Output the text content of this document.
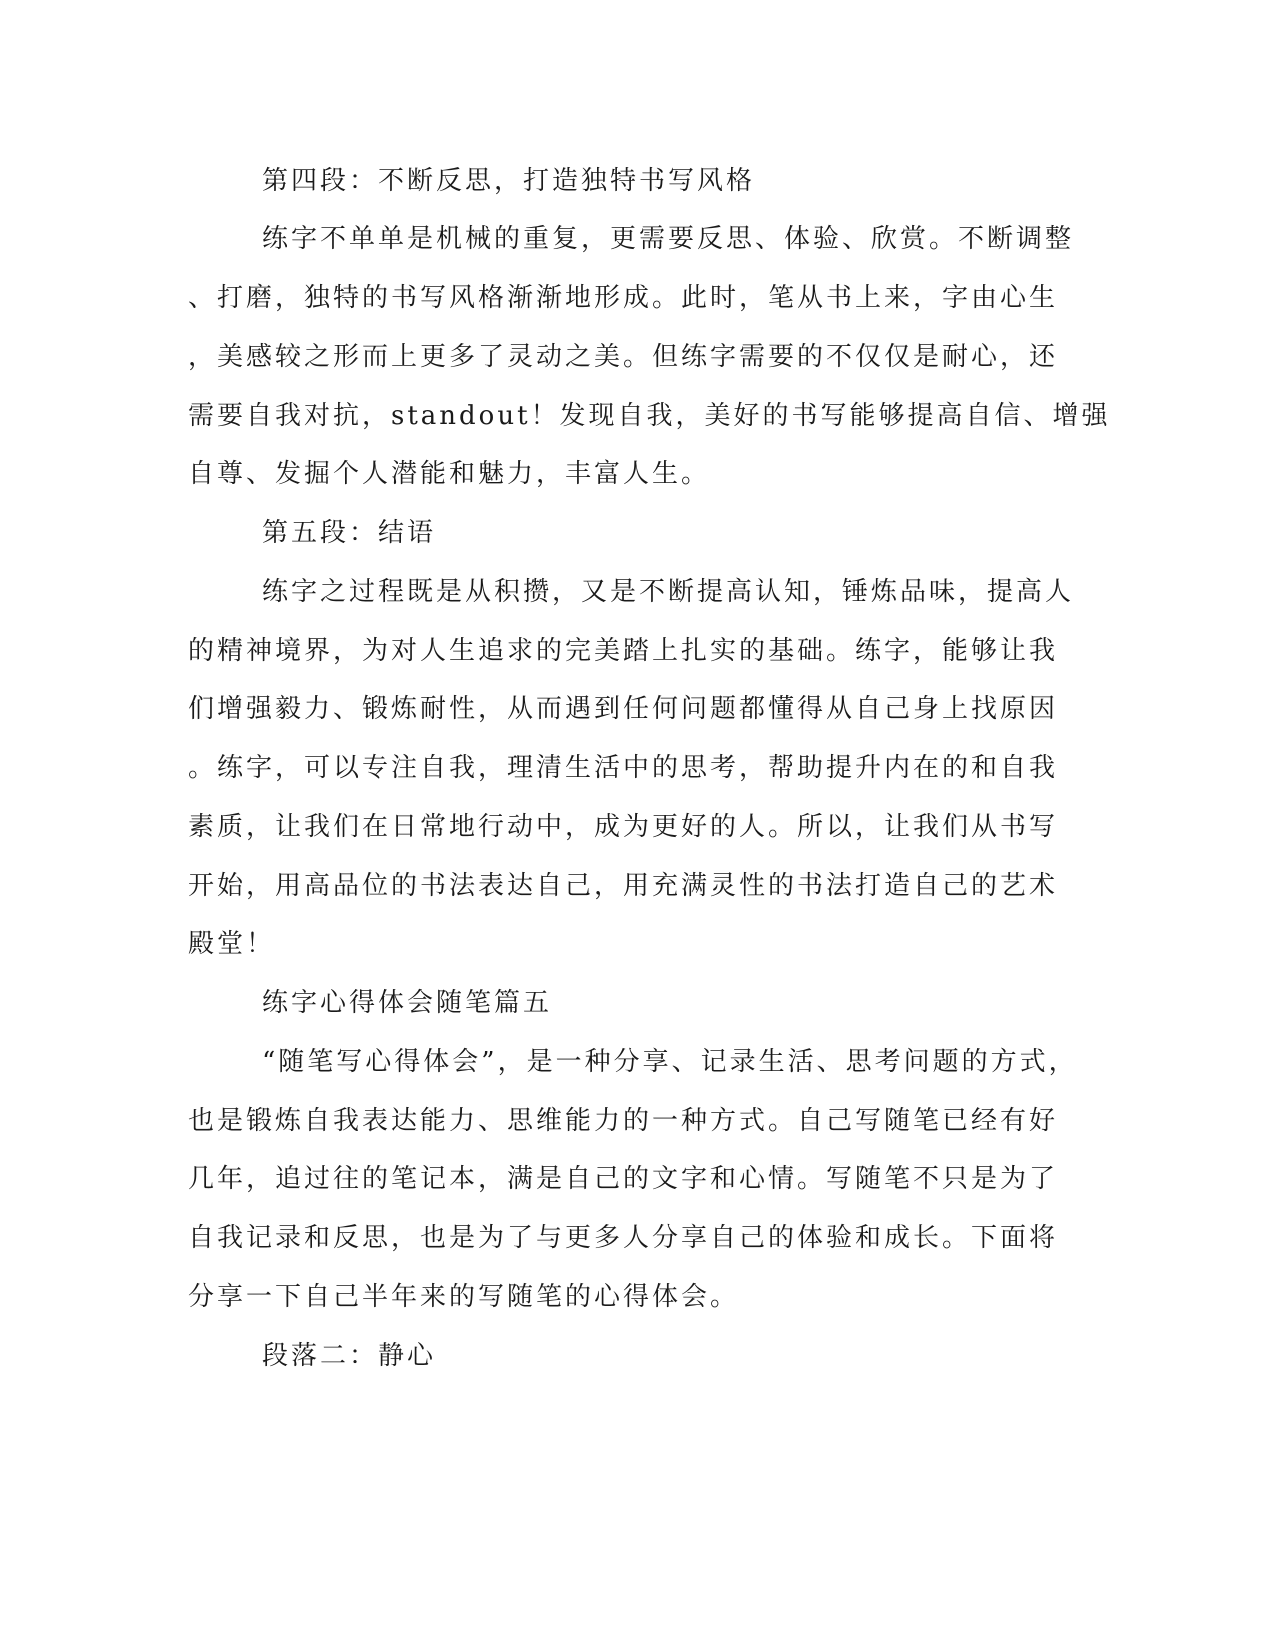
第四段：不断反思，打造独特书写风格
练字不单单是机械的重复，更需要反思、体验、欣赏。不断调整
、打磨，独特的书写风格渐渐地形成。此时，笔从书上来，字由心生
，美感较之形而上更多了灵动之美。但练字需要的不仅仅是耐心，还
需要自我对抗，standout！发现自我，美好的书写能够提高自信、增强
自尊、发掘个人潜能和魅力，丰富人生。
第五段：结语
练字之过程既是从积攒，又是不断提高认知，锤炼品味，提高人
的精神境界，为对人生追求的完美踏上扎实的基础。练字，能够让我
们增强毅力、锻炼耐性，从而遇到任何问题都懂得从自己身上找原因
。练字，可以专注自我，理清生活中的思考，帮助提升内在的和自我
素质，让我们在日常地行动中，成为更好的人。所以，让我们从书写
开始，用高品位的书法表达自己，用充满灵性的书法打造自己的艺术
殿堂！
练字心得体会随笔篇五
“随笔写心得体会”，是一种分享、记录生活、思考问题的方式，
也是锻炼自我表达能力、思维能力的一种方式。自己写随笔已经有好
几年，追过往的笔记本，满是自己的文字和心情。写随笔不只是为了
自我记录和反思，也是为了与更多人分享自己的体验和成长。下面将
分享一下自己半年来的写随笔的心得体会。
段落二：静心
